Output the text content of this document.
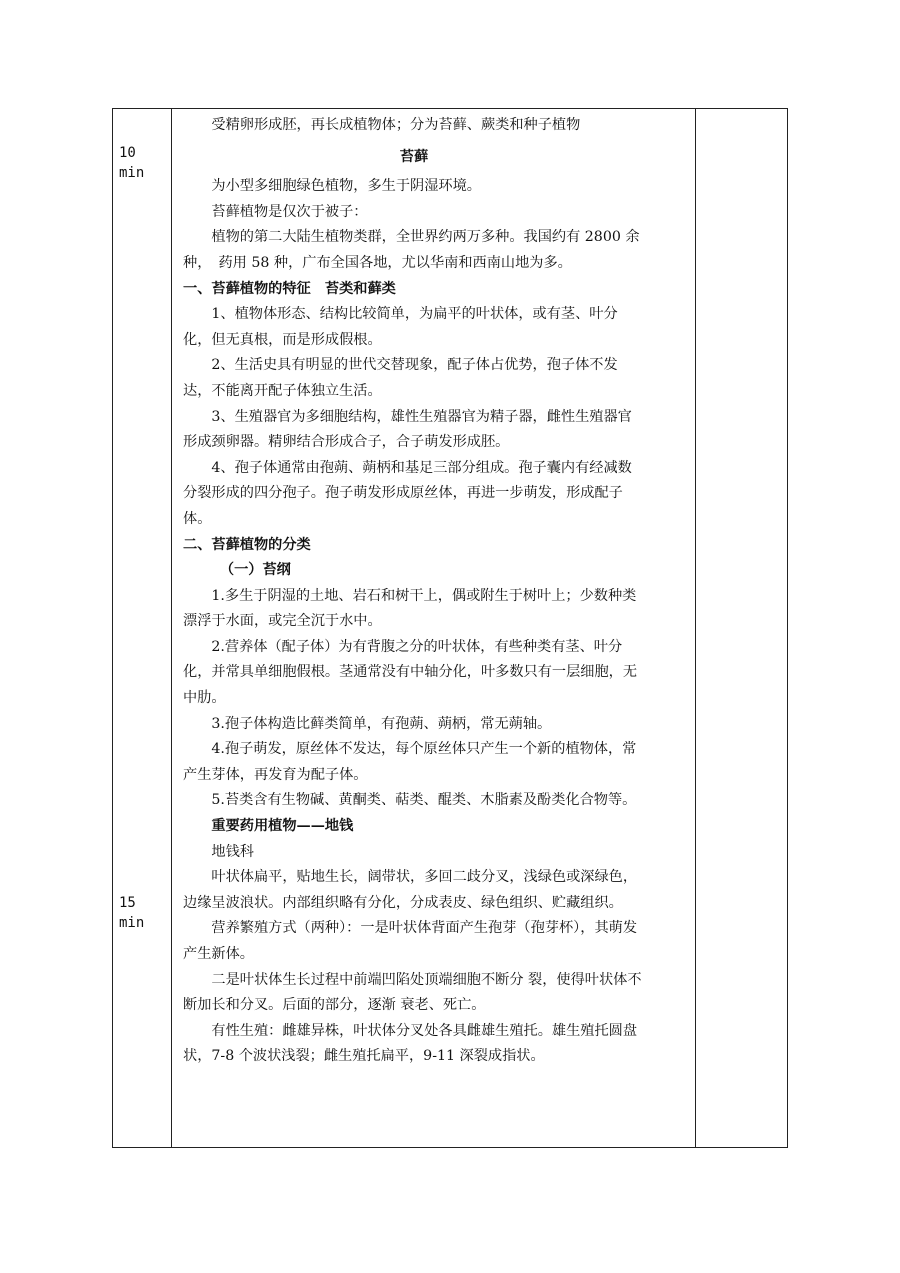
10
min
15
min

受精卵形成胚，再长成植物体；分为苔藓、蕨类和种子植物

苔藓

为小型多细胞绿色植物，多生于阴湿环境。

苔藓植物是仅次于被子：

植物的第二大陆生植物类群，全世界约两万多种。我国约有 2800 余种，　药用 58 种，广布全国各地，尤以华南和西南山地为多。

一、苔藓植物的特征　苔类和藓类

1、植物体形态、结构比较简单，为扁平的叶状体，或有茎、叶分化，但无真根，而是形成假根。

2、生活史具有明显的世代交替现象，配子体占优势，孢子体不发达，不能离开配子体独立生活。

3、生殖器官为多细胞结构，雄性生殖器官为精子器，雌性生殖器官形成颈卵器。精卵结合形成合子，合子萌发形成胚。

4、孢子体通常由孢蒴、蒴柄和基足三部分组成。孢子囊内有经减数分裂形成的四分孢子。孢子萌发形成原丝体，再进一步萌发，形成配子体。

二、苔藓植物的分类

（一）苔纲

1.多生于阴湿的土地、岩石和树干上，偶或附生于树叶上；少数种类漂浮于水面，或完全沉于水中。

2.营养体（配子体）为有背腹之分的叶状体，有些种类有茎、叶分化，并常具单细胞假根。茎通常没有中轴分化，叶多数只有一层细胞，无中肋。

3.孢子体构造比藓类简单，有孢蒴、蒴柄，常无蒴轴。

4.孢子萌发，原丝体不发达，每个原丝体只产生一个新的植物体，常产生芽体，再发育为配子体。

5.苔类含有生物碱、黄酮类、萜类、醌类、木脂素及酚类化合物等。

重要药用植物——地钱

地钱科

叶状体扁平，贴地生长，阔带状，多回二歧分叉，浅绿色或深绿色，边缘呈波浪状。内部组织略有分化，分成表皮、绿色组织、贮藏组织。

营养繁殖方式（两种）：一是叶状体背面产生孢芽（孢芽杯），其萌发产生新体。

二是叶状体生长过程中前端凹陷处顶端细胞不断分 裂，使得叶状体不断加长和分叉。后面的部分，逐渐 衰老、死亡。

有性生殖：雌雄异株，叶状体分叉处各具雌雄生殖托。雄生殖托圆盘状，7-8 个波状浅裂；雌生殖托扁平，9-11 深裂成指状。
